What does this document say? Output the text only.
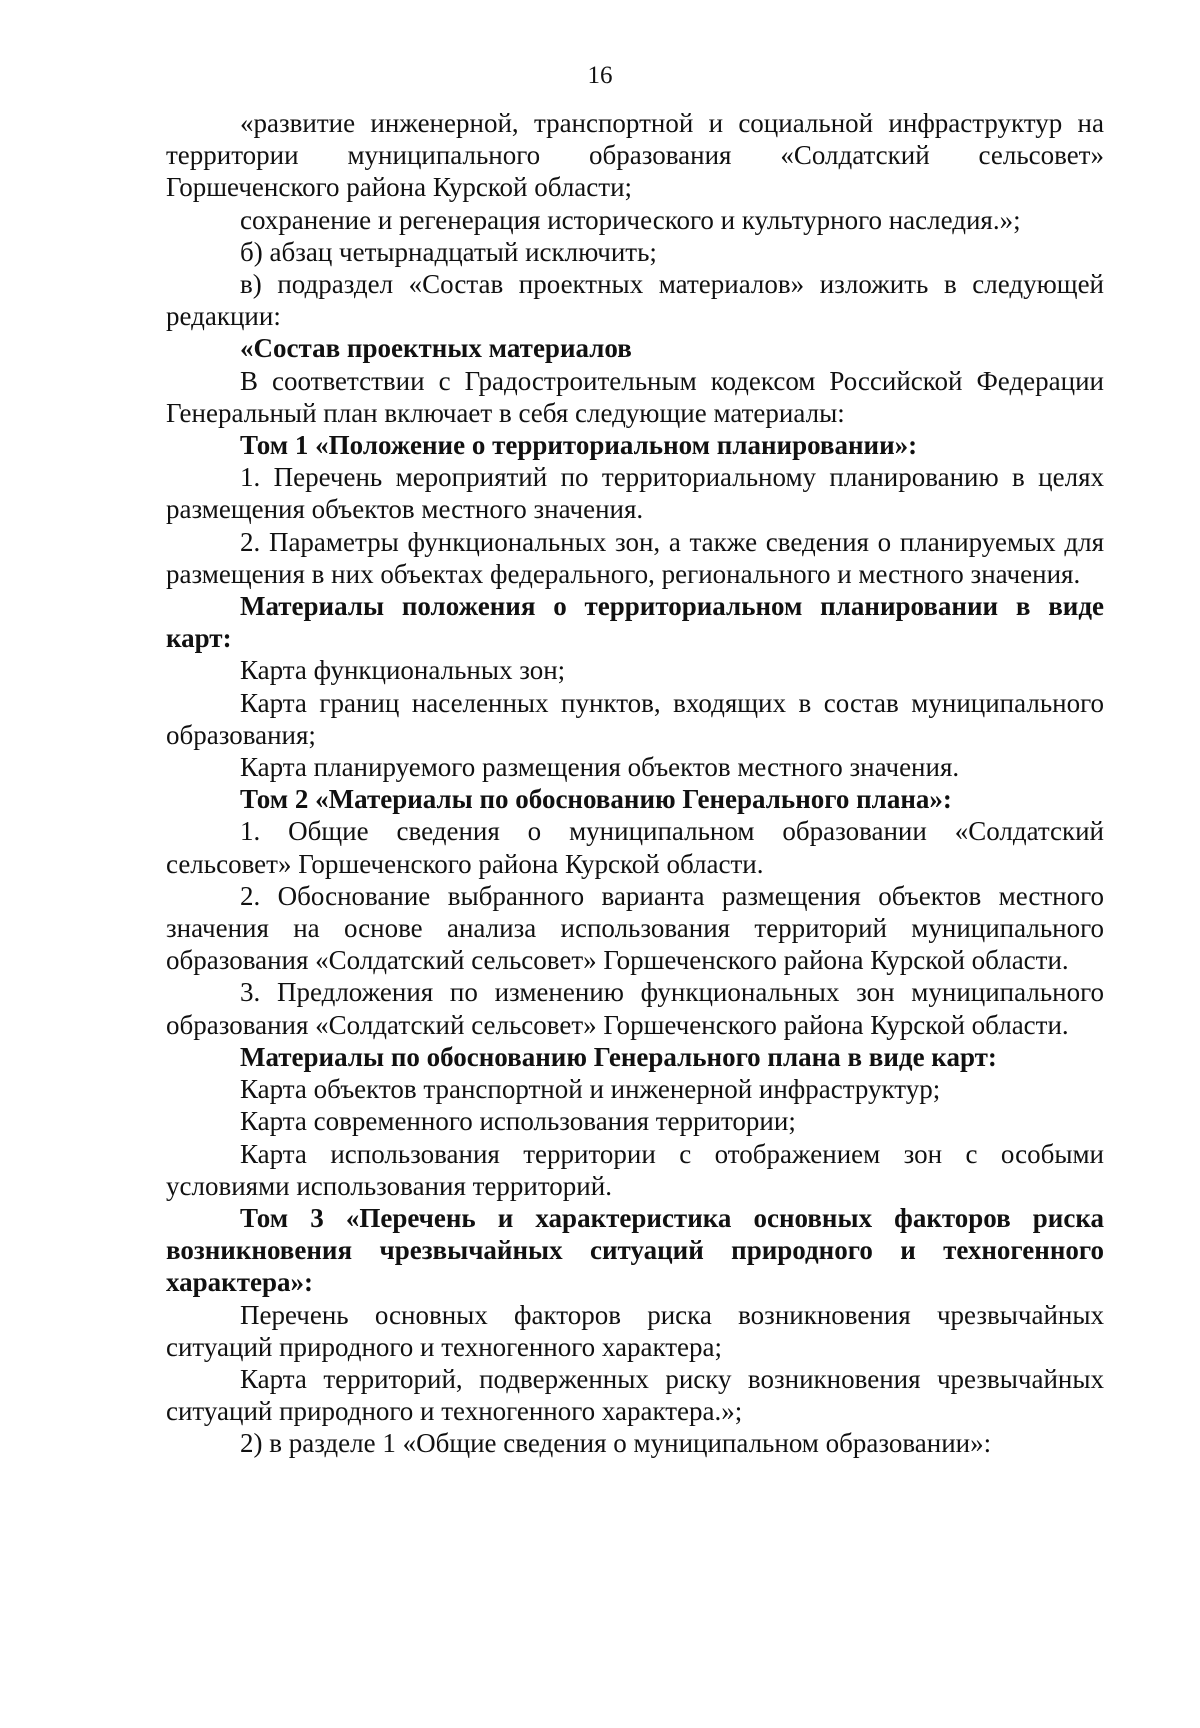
16

«развитие инженерной, транспортной и социальной инфраструктур на территории муниципального образования «Солдатский сельсовет» Горшеченского района Курской области;

сохранение и регенерация исторического и культурного наследия.»;

б) абзац четырнадцатый исключить;

в) подраздел «Состав проектных материалов» изложить в следующей редакции:

«Состав проектных материалов

В соответствии с Градостроительным кодексом Российской Федерации Генеральный план включает в себя следующие материалы:

Том 1 «Положение о территориальном планировании»:

1. Перечень мероприятий по территориальному планированию в целях размещения объектов местного значения.

2. Параметры функциональных зон, а также сведения о планируемых для размещения в них объектах федерального, регионального и местного значения.

Материалы положения о территориальном планировании в виде карт:

Карта функциональных зон;

Карта границ населенных пунктов, входящих в состав муниципального образования;

Карта планируемого размещения объектов местного значения.

Том 2 «Материалы по обоснованию Генерального плана»:

1. Общие сведения о муниципальном образовании «Солдатский сельсовет» Горшеченского района Курской области.

2. Обоснование выбранного варианта размещения объектов местного значения на основе анализа использования территорий муниципального образования «Солдатский сельсовет» Горшеченского района Курской области.

3. Предложения по изменению функциональных зон муниципального образования «Солдатский сельсовет» Горшеченского района Курской области.

Материалы по обоснованию Генерального плана в виде карт:

Карта объектов транспортной и инженерной инфраструктур;

Карта современного использования территории;

Карта использования территории с отображением зон с особыми условиями использования территорий.

Том 3 «Перечень и характеристика основных факторов риска возникновения чрезвычайных ситуаций природного и техногенного характера»:

Перечень основных факторов риска возникновения чрезвычайных ситуаций природного и техногенного характера;

Карта территорий, подверженных риску возникновения чрезвычайных ситуаций природного и техногенного характера.»;

2) в разделе 1 «Общие сведения о муниципальном образовании»:
